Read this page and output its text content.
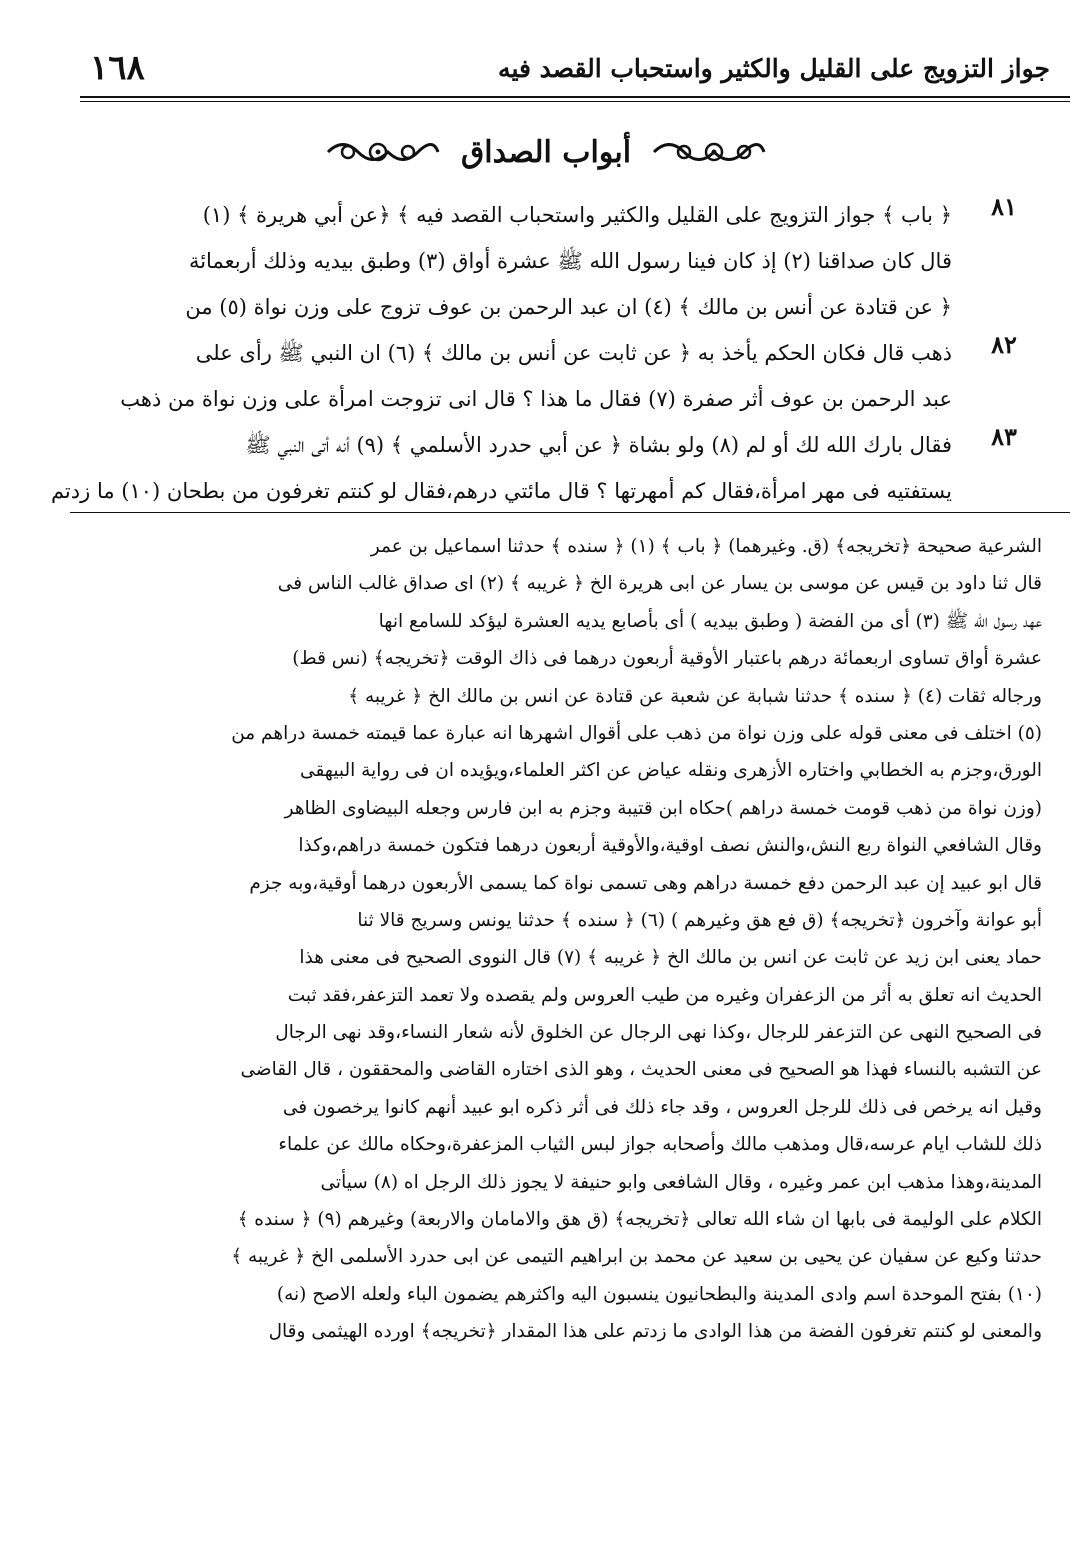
جواز التزويج على القليل والكثير واستحباب القصد فيه
١٦٨
أبواب الصداق
٨١
٨٢
٨٣
﴿ باب ﴾ جواز التزويج على القليل والكثير واستحباب القصد فيه ﴾ ﴿عن أبي هريرة ﴾ (١)
قال كان صداقنا (٢) إذ كان فينا رسول الله ﷺ عشرة أواق (٣) وطبق بيديه وذلك أربعمائة
﴿ عن قتادة عن أنس بن مالك ﴾ (٤) ان عبد الرحمن بن عوف تزوج على وزن نواة (٥) من
ذهب قال فكان الحكم يأخذ به ﴿ عن ثابت عن أنس بن مالك ﴾ (٦) ان النبي ﷺ رأى على
عبد الرحمن بن عوف أثر صفرة (٧) فقال ما هذا ؟ قال انى تزوجت امرأة على وزن نواة من ذهب
فقال بارك الله لك أو لم (٨) ولو بشاة ﴿ عن أبي حدرد الأسلمي ﴾ (٩) أنه أتى النبي ﷺ
يستفتيه فى مهر امرأة،فقال كم أمهرتها ؟ قال مائتي درهم،فقال لو كنتم تغرفون من بطحان (١٠) ما زدتم
الشرعية صحيحة ﴿تخريجه﴾ (ق. وغيرهما) ﴿ باب ﴾ (١) ﴿ سنده ﴾ حدثنا اسماعيل بن عمر
قال ثنا داود بن قيس عن موسى بن يسار عن ابى هريرة الخ ﴿ غريبه ﴾ (٢) اى صداق غالب الناس فى
عهد رسول الله ﷺ (٣) أى من الفضة ( وطبق بيديه ) أى بأصابع يديه العشرة ليؤكد للسامع انها
عشرة أواق تساوى اربعمائة درهم باعتبار الأوقية أربعون درهما فى ذاك الوقت ﴿تخريجه﴾ (نس قط)
ورجاله ثقات (٤) ﴿ سنده ﴾ حدثنا شبابة عن شعبة عن قتادة عن انس بن مالك الخ ﴿ غريبه ﴾
(٥) اختلف فى معنى قوله على وزن نواة من ذهب على أقوال اشهرها انه عبارة عما قيمته خمسة دراهم من
الورق،وجزم به الخطابي واختاره الأزهرى ونقله عياض عن اكثر العلماء،ويؤيده ان فى رواية البيهقى
(وزن نواة من ذهب قومت خمسة دراهم )حكاه ابن قتيبة وجزم به ابن فارس وجعله البيضاوى الظاهر
وقال الشافعي النواة ربع النش،والنش نصف اوقية،والأوقية أربعون درهما فتكون خمسة دراهم،وكذا
قال ابو عبيد إن عبد الرحمن دفع خمسة دراهم وهى تسمى نواة كما يسمى الأربعون درهما أوقية،وبه جزم
أبو عوانة وآخرون ﴿تخريجه﴾ (ق فع هق وغيرهم ) (٦) ﴿ سنده ﴾ حدثنا يونس وسريج قالا ثنا
حماد يعنى ابن زيد عن ثابت عن انس بن مالك الخ ﴿ غريبه ﴾ (٧) قال النووى الصحيح فى معنى هذا
الحديث انه تعلق به أثر من الزعفران وغيره من طيب العروس ولم يقصده ولا تعمد التزعفر،فقد ثبت
فى الصحيح النهى عن التزعفر للرجال ،وكذا نهى الرجال عن الخلوق لأنه شعار النساء،وقد نهى الرجال
عن التشبه بالنساء فهذا هو الصحيح فى معنى الحديث ، وهو الذى اختاره القاضى والمحققون ، قال القاضى
وقيل انه يرخص فى ذلك للرجل العروس ، وقد جاء ذلك فى أثر ذكره ابو عبيد أنهم كانوا يرخصون فى
ذلك للشاب ايام عرسه،قال ومذهب مالك وأصحابه جواز لبس الثياب المزعفرة،وحكاه مالك عن علماء
المدينة،وهذا مذهب ابن عمر وغيره ، وقال الشافعى وابو حنيفة لا يجوز ذلك الرجل اه (٨) سيأتى
الكلام على الوليمة فى بابها ان شاء الله تعالى ﴿تخريجه﴾ (ق هق والامامان والاربعة) وغيرهم (٩) ﴿ سنده ﴾
حدثنا وكيع عن سفيان عن يحيى بن سعيد عن محمد بن ابراهيم التيمى عن ابى حدرد الأسلمى الخ ﴿ غريبه ﴾
(١٠) بفتح الموحدة اسم وادى المدينة والبطحانيون ينسبون اليه واكثرهم يضمون الباء ولعله الاصح (نه)
والمعنى لو كنتم تغرفون الفضة من هذا الوادى ما زدتم على هذا المقدار ﴿تخريجه﴾ اورده الهيثمى وقال
